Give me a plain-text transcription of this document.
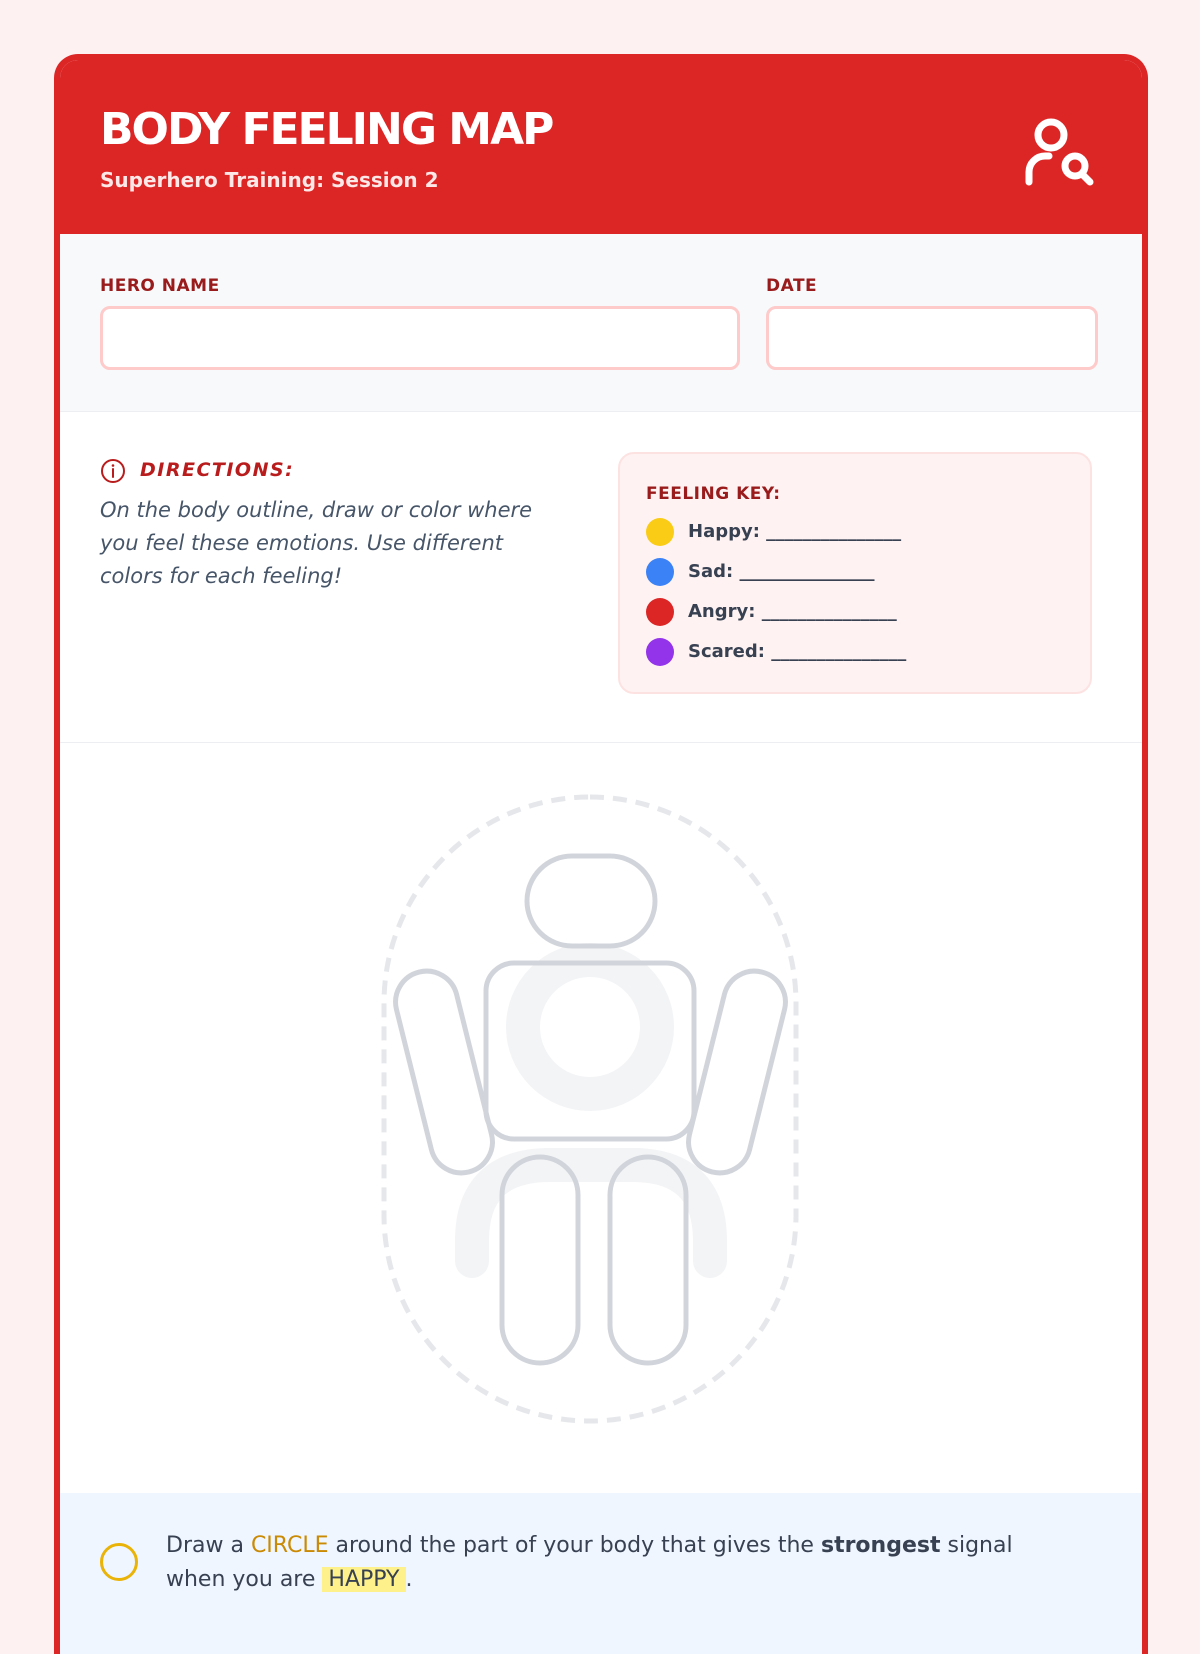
BODY FEELING MAP
Superhero Training: Session 2
HERO NAME	DATE
DIRECTIONS:
On the body outline, draw or color where you feel these emotions. Use different colors for each feeling!
FEELING KEY:
Happy: _______________
Sad: _______________
Angry: _______________
Scared: _______________
Draw a CIRCLE around the part of your body that gives the strongest signal when you are HAPPY .
